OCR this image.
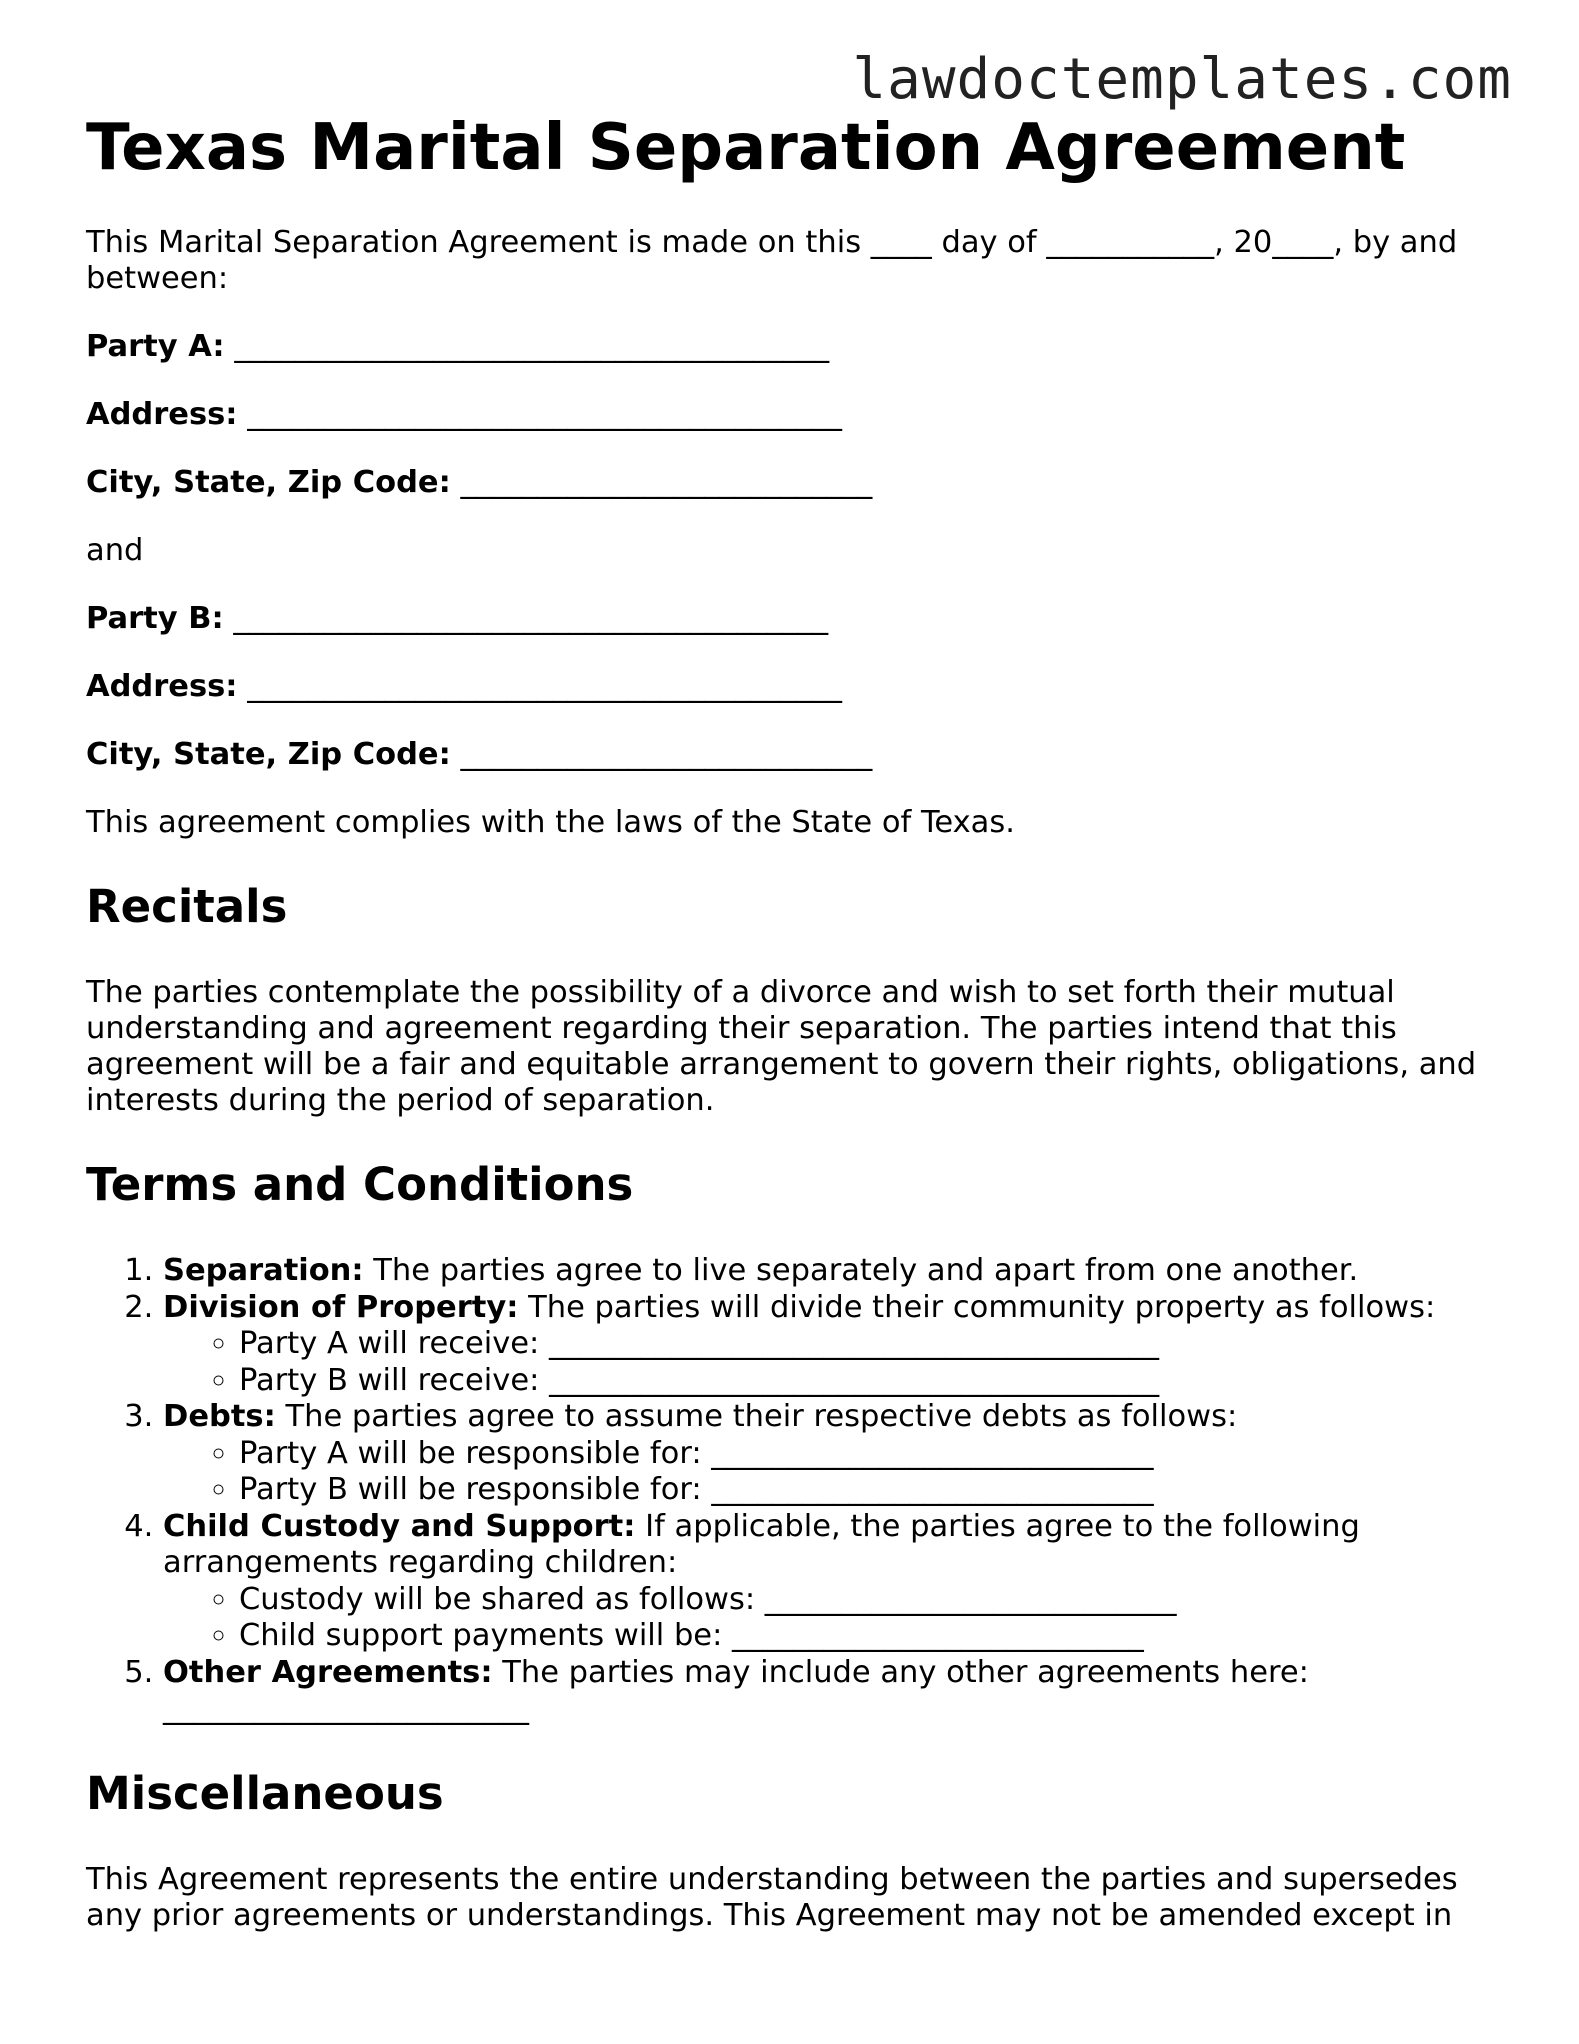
lawdoctemplates.com
Texas Marital Separation Agreement

This Marital Separation Agreement is made on this ____ day of ___________, 20____, by and between:

Party A: _______________________________________
Address: _______________________________________
City, State, Zip Code: ___________________________

and

Party B: _______________________________________
Address: _______________________________________
City, State, Zip Code: ___________________________

This agreement complies with the laws of the State of Texas.

Recitals

The parties contemplate the possibility of a divorce and wish to set forth their mutual understanding and agreement regarding their separation. The parties intend that this agreement will be a fair and equitable arrangement to govern their rights, obligations, and interests during the period of separation.

Terms and Conditions
1. Separation: The parties agree to live separately and apart from one another.
2. Division of Property: The parties will divide their community property as follows:
◦ Party A will receive: ________________________________________
◦ Party B will receive: ________________________________________
3. Debts: The parties agree to assume their respective debts as follows:
◦ Party A will be responsible for: _____________________________
◦ Party B will be responsible for: _____________________________
4. Child Custody and Support: If applicable, the parties agree to the following arrangements regarding children:
◦ Custody will be shared as follows: ___________________________
◦ Child support payments will be: ___________________________
5. Other Agreements: The parties may include any other agreements here: ________________________
Miscellaneous

This Agreement represents the entire understanding between the parties and supersedes any prior agreements or understandings. This Agreement may not be amended except in
